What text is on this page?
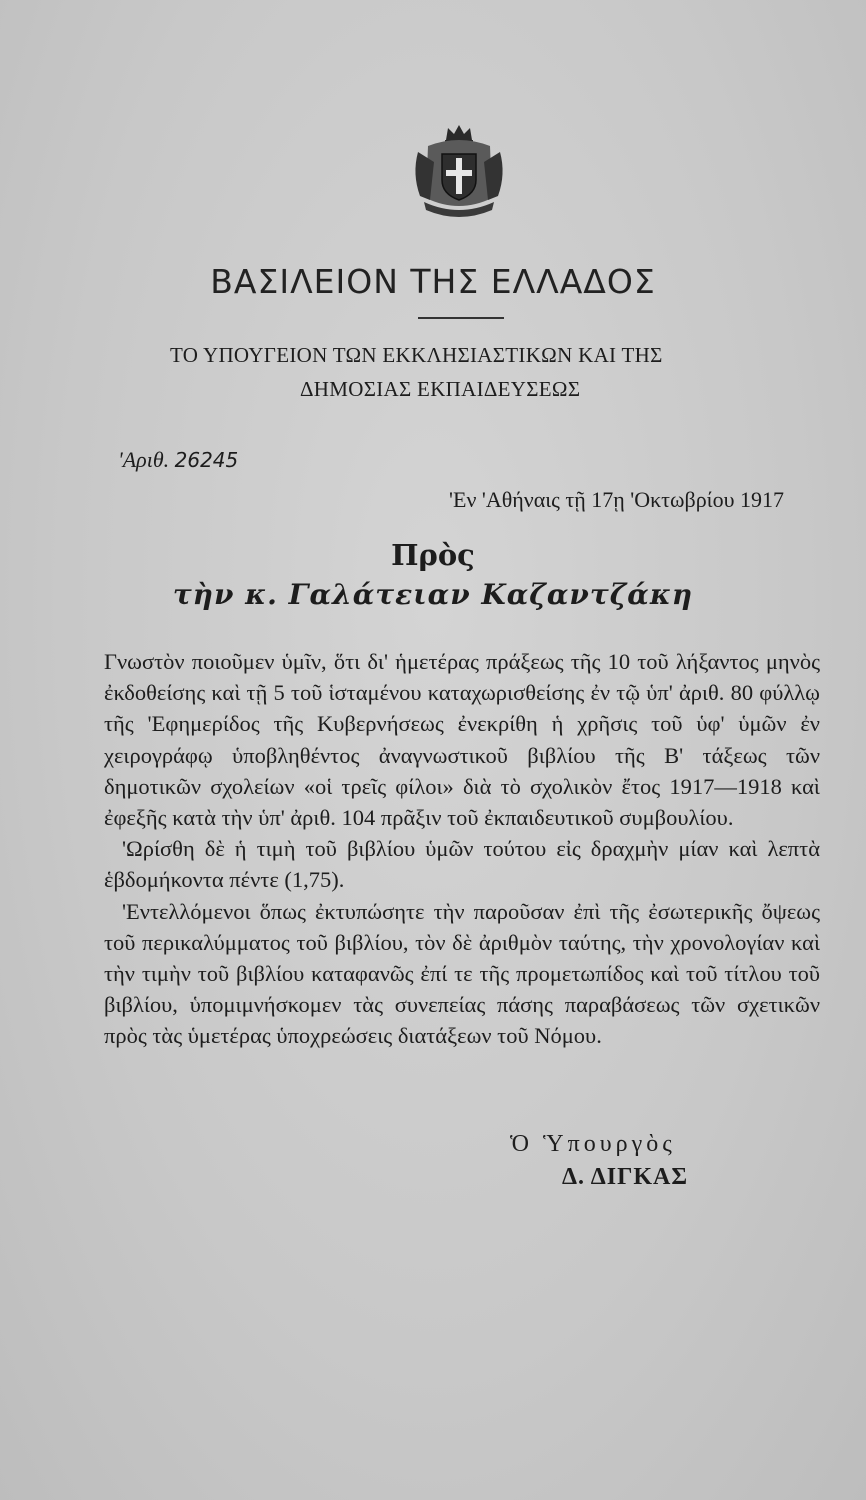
ΒΑΣΙΛΕΙΟΝ ΤΗΣ ΕΛΛΑΔΟΣ
ΤΟ ΥΠΟΥΓΕΙΟΝ ΤΩΝ ΕΚΚΛΗΣΙΑΣΤΙΚΩΝ ΚΑΙ ΤΗΣ
ΔΗΜΟΣΙΑΣ ΕΚΠΑΙΔΕΥΣΕΩΣ
'Αριθ. 26245
'Εν 'Αθήναις τῇ 17ῃ 'Οκτωβρίου 1917
Πρὸς
τὴν κ. Γαλάτειαν Καζαντζάκη

Γνωστὸν ποιοῦμεν ὑμῖν, ὅτι δι' ἡμετέρας πράξεως τῆς 10 τοῦ λήξαντος μηνὸς ἐκδοθείσης καὶ τῇ 5 τοῦ ἱσταμένου καταχωρισθείσης ἐν τῷ ὑπ' ἀριθ. 80 φύλλῳ τῆς 'Εφημερίδος τῆς Κυβερνήσεως ἐνεκρίθη ἡ χρῆσις τοῦ ὑφ' ὑμῶν ἐν χειρογράφῳ ὑποβληθέντος ἀναγνωστικοῦ βιβλίου τῆς Β' τάξεως τῶν δημοτικῶν σχολείων «οἱ τρεῖς φίλοι» διὰ τὸ σχολικὸν ἔτος 1917—1918 καὶ ἐφεξῆς κατὰ τὴν ὑπ' ἀριθ. 104 πρᾶξιν τοῦ ἐκπαιδευτικοῦ συμβουλίου.

'Ωρίσθη δὲ ἡ τιμὴ τοῦ βιβλίου ὑμῶν τούτου εἰς δραχμὴν μίαν καὶ λεπτὰ ἑβδομήκοντα πέντε (1,75).

'Εντελλόμενοι ὅπως ἐκτυπώσητε τὴν παροῦσαν ἐπὶ τῆς ἐσωτερικῆς ὄψεως τοῦ περικαλύμματος τοῦ βιβλίου, τὸν δὲ ἀριθμὸν ταύτης, τὴν χρονολογίαν καὶ τὴν τιμὴν τοῦ βιβλίου καταφανῶς ἐπί τε τῆς προμετωπίδος καὶ τοῦ τίτλου τοῦ βιβλίου, ὑπομιμνήσκομεν τὰς συνεπείας πάσης παραβάσεως τῶν σχετικῶν πρὸς τὰς ὑμετέρας ὑποχρεώσεις διατάξεων τοῦ Νόμου.

Ὁ Ὑπουργὸς
Δ. ΔΙΓΚΑΣ
